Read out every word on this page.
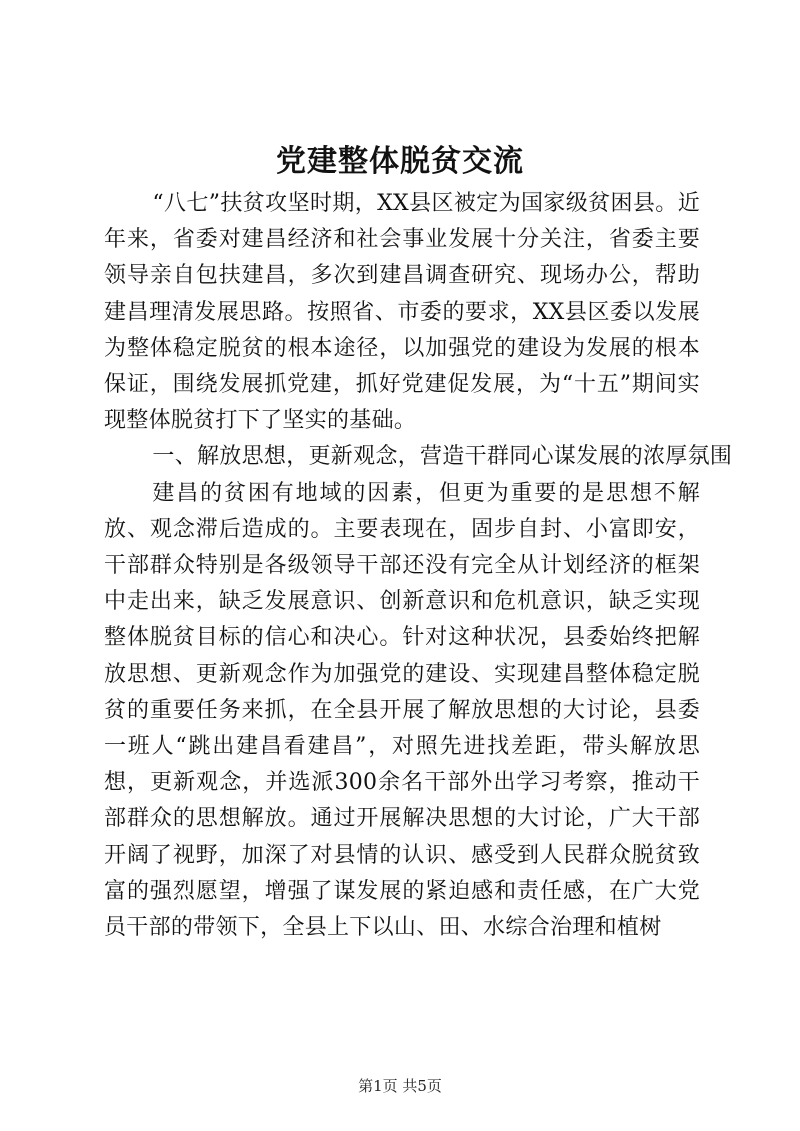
党建整体脱贫交流

“八七”扶贫攻坚时期，XX县区被定为国家级贫困县。近年来，省委对建昌经济和社会事业发展十分关注，省委主要领导亲自包扶建昌，多次到建昌调查研究、现场办公，帮助建昌理清发展思路。按照省、市委的要求，XX县区委以发展为整体稳定脱贫的根本途径，以加强党的建设为发展的根本保证，围绕发展抓党建，抓好党建促发展，为“十五”期间实现整体脱贫打下了坚实的基础。

一、解放思想，更新观念，营造干群同心谋发展的浓厚氛围

建昌的贫困有地域的因素，但更为重要的是思想不解放、观念滞后造成的。主要表现在，固步自封、小富即安，干部群众特别是各级领导干部还没有完全从计划经济的框架中走出来，缺乏发展意识、创新意识和危机意识，缺乏实现整体脱贫目标的信心和决心。针对这种状况，县委始终把解放思想、更新观念作为加强党的建设、实现建昌整体稳定脱贫的重要任务来抓，在全县开展了解放思想的大讨论，县委一班人“跳出建昌看建昌”，对照先进找差距，带头解放思想，更新观念，并选派300余名干部外出学习考察，推动干部群众的思想解放。通过开展解决思想的大讨论，广大干部开阔了视野，加深了对县情的认识、感受到人民群众脱贫致富的强烈愿望，增强了谋发展的紧迫感和责任感，在广大党员干部的带领下，全县上下以山、田、水综合治理和植树

第1页 共5页
